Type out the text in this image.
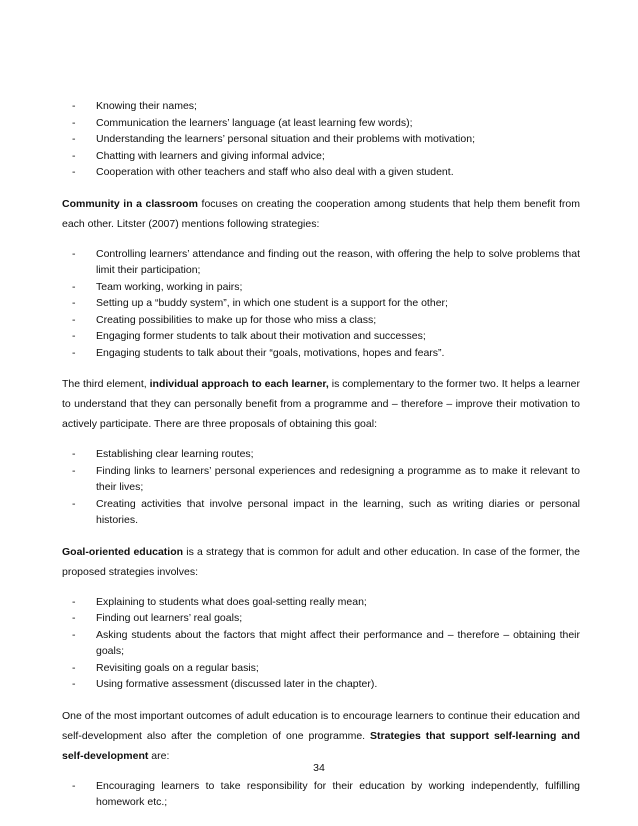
- Knowing their names;
- Communication the learners’ language (at least learning few words);
- Understanding the learners’ personal situation and their problems with motivation;
- Chatting with learners and giving informal advice;
- Cooperation with other teachers and staff who also deal with a given student.

Community in a classroom focuses on creating the cooperation among students that help them benefit from each other. Litster (2007) mentions following strategies:

- Controlling learners’ attendance and finding out the reason, with offering the help to solve problems that limit their participation;
- Team working, working in pairs;
- Setting up a “buddy system”, in which one student is a support for the other;
- Creating possibilities to make up for those who miss a class;
- Engaging former students to talk about their motivation and successes;
- Engaging students to talk about their “goals, motivations, hopes and fears”.

The third element, individual approach to each learner, is complementary to the former two. It helps a learner to understand that they can personally benefit from a programme and – therefore – improve their motivation to actively participate. There are three proposals of obtaining this goal:

- Establishing clear learning routes;
- Finding links to learners’ personal experiences and redesigning a programme as to make it relevant to their lives;
- Creating activities that involve personal impact in the learning, such as writing diaries or personal histories.

Goal-oriented education is a strategy that is common for adult and other education. In case of the former, the proposed strategies involves:

- Explaining to students what does goal-setting really mean;
- Finding out learners’ real goals;
- Asking students about the factors that might affect their performance and – therefore – obtaining their goals;
- Revisiting goals on a regular basis;
- Using formative assessment (discussed later in the chapter).

One of the most important outcomes of adult education is to encourage learners to continue their education and self-development also after the completion of one programme. Strategies that support self-learning and self-development are:

- Encouraging learners to take responsibility for their education by working independently, fulfilling homework etc.;
34
